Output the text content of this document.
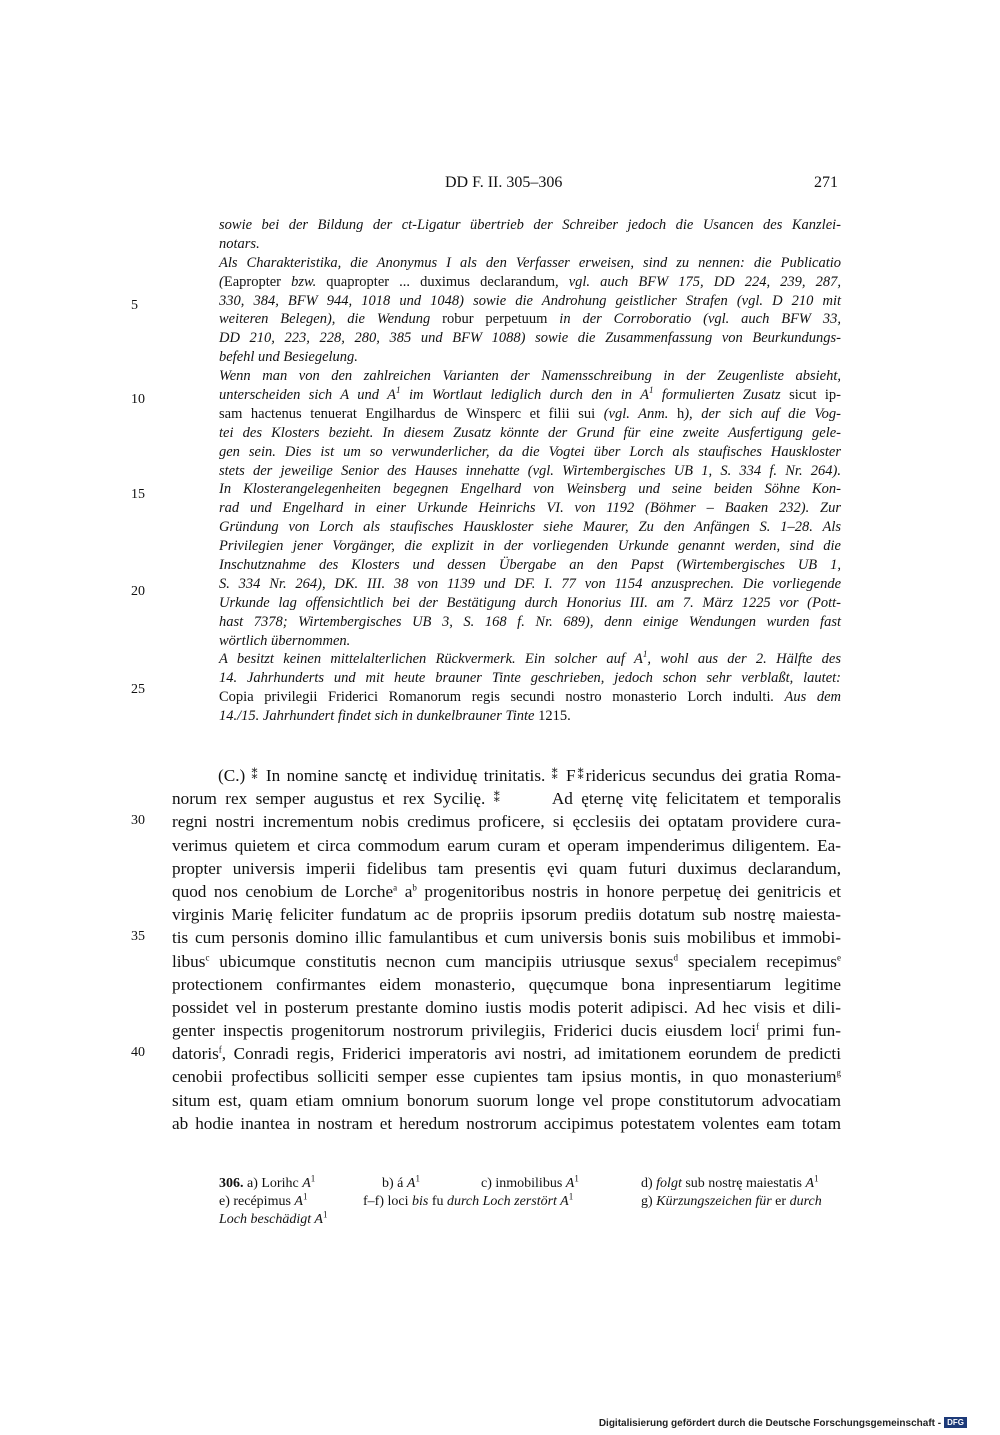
DD F. II. 305–306	271
5
10
15
20
25
30
35
40
sowie bei der Bildung der ct-Ligatur übertrieb der Schreiber jedoch die Usancen des Kanzlei-
notars.
Als Charakteristika, die Anonymus I als den Verfasser erweisen, sind zu nennen: die Publicatio
(Eapropter bzw. quapropter ... duximus declarandum, vgl. auch BFW 175, DD 224, 239, 287,
330, 384, BFW 944, 1018 und 1048) sowie die Androhung geistlicher Strafen (vgl. D 210 mit
weiteren Belegen), die Wendung robur perpetuum in der Corroboratio (vgl. auch BFW 33,
DD 210, 223, 228, 280, 385 und BFW 1088) sowie die Zusammenfassung von Beurkundungs-
befehl und Besiegelung.
Wenn man von den zahlreichen Varianten der Namensschreibung in der Zeugenliste absieht,
unterscheiden sich A und $A^1$ im Wortlaut lediglich durch den in $A^1$ formulierten Zusatz sicut ip-
sam hactenus tenuerat Engilhardus de Winsperc et filii sui (vgl. Anm. h), der sich auf die Vog-
tei des Klosters bezieht. In diesem Zusatz könnte der Grund für eine zweite Ausfertigung gele-
gen sein. Dies ist um so verwunderlicher, da die Vogtei über Lorch als staufisches Hauskloster
stets der jeweilige Senior des Hauses innehatte (vgl. Wirtembergisches UB 1, S. 334 f. Nr. 264).
In Klosterangelegenheiten begegnen Engelhard von Weinsberg und seine beiden Söhne Kon-
rad und Engelhard in einer Urkunde Heinrichs VI. von 1192 (Böhmer – Baaken 232). Zur
Gründung von Lorch als staufisches Hauskloster siehe Maurer, Zu den Anfängen S. 1–28. Als
Privilegien jener Vorgänger, die explizit in der vorliegenden Urkunde genannt werden, sind die
Inschutznahme des Klosters und dessen Übergabe an den Papst (Wirtembergisches UB 1,
S. 334 Nr. 264), DK. III. 38 von 1139 und DF. I. 77 von 1154 anzusprechen. Die vorliegende
Urkunde lag offensichtlich bei der Bestätigung durch Honorius III. am 7. März 1225 vor (Pott-
hast 7378; Wirtembergisches UB 3, S. 168 f. Nr. 689), denn einige Wendungen wurden fast
wörtlich übernommen.
A besitzt keinen mittelalterlichen Rückvermerk. Ein solcher auf $A^1$, wohl aus der 2. Hälfte des
14. Jahrhunderts und mit heute brauner Tinte geschrieben, jedoch schon sehr verblaßt, lautet:
Copia privilegii Friderici Romanorum regis secundi nostro monasterio Lorch indulti. Aus dem
14./15. Jahrhundert findet sich in dunkelbrauner Tinte 1215.
(C.) ⁑ In nomine sanctę et individuę trinitatis. ⁑ F⁑ridericus secundus dei gratia Roma-
norum rex semper augustus et rex Sycilię. ⁑	Ad ęternę vitę felicitatem et temporalis
regni nostri incrementum nobis credimus proficere, si ęcclesiis dei optatam providere cura-
verimus quietem et circa commodum earum curam et operam impenderimus diligentem. Ea-
propter universis imperii fidelibus tam presentis ęvi quam futuri duximus declarandum,
quod nos cenobium de Lorche$^a$ $a^b$ progenitoribus nostris in honore perpetuę dei genitricis et
virginis Marię feliciter fundatum ac de propriis ipsorum prediis dotatum sub nostrę maiesta-
tis cum personis domino illic famulantibus et cum universis bonis suis mobilibus et immobi-
libus$^c$ ubicumque constitutis necnon cum mancipiis utriusque sexus$^d$ specialem recepimus$^e$
protectionem confirmantes eidem monasterio, quęcumque bona inpresentiarum legitime
possidet vel in posterum prestante domino iustis modis poterit adipisci. Ad hec visis et dili-
genter inspectis progenitorum nostrorum privilegiis, Friderici ducis eiusdem loci$^f$ primi fun-
datoris$^f$, Conradi regis, Friderici imperatoris avi nostri, ad imitationem eorundem de predicti
cenobii profectibus solliciti semper esse cupientes tam ipsius montis, in quo monasterium$^g$
situm est, quam etiam omnium bonorum suorum longe vel prope constitutorum advocatiam
ab hodie inantea in nostram et heredum nostrorum accipimus potestatem volentes eam totam
306. a) Lorihc $A^1$	b) á $A^1$	c) inmobilibus $A^1$	d) folgt sub nostrę maiestatis $A^1$
e) recépimus $A^1$	f–f) loci bis fu durch Loch zerstört $A^1$	g) Kürzungszeichen für er durch
Loch beschädigt $A^1$
Digitalisierung gefördert durch die Deutsche Forschungsgemeinschaft - DFG
